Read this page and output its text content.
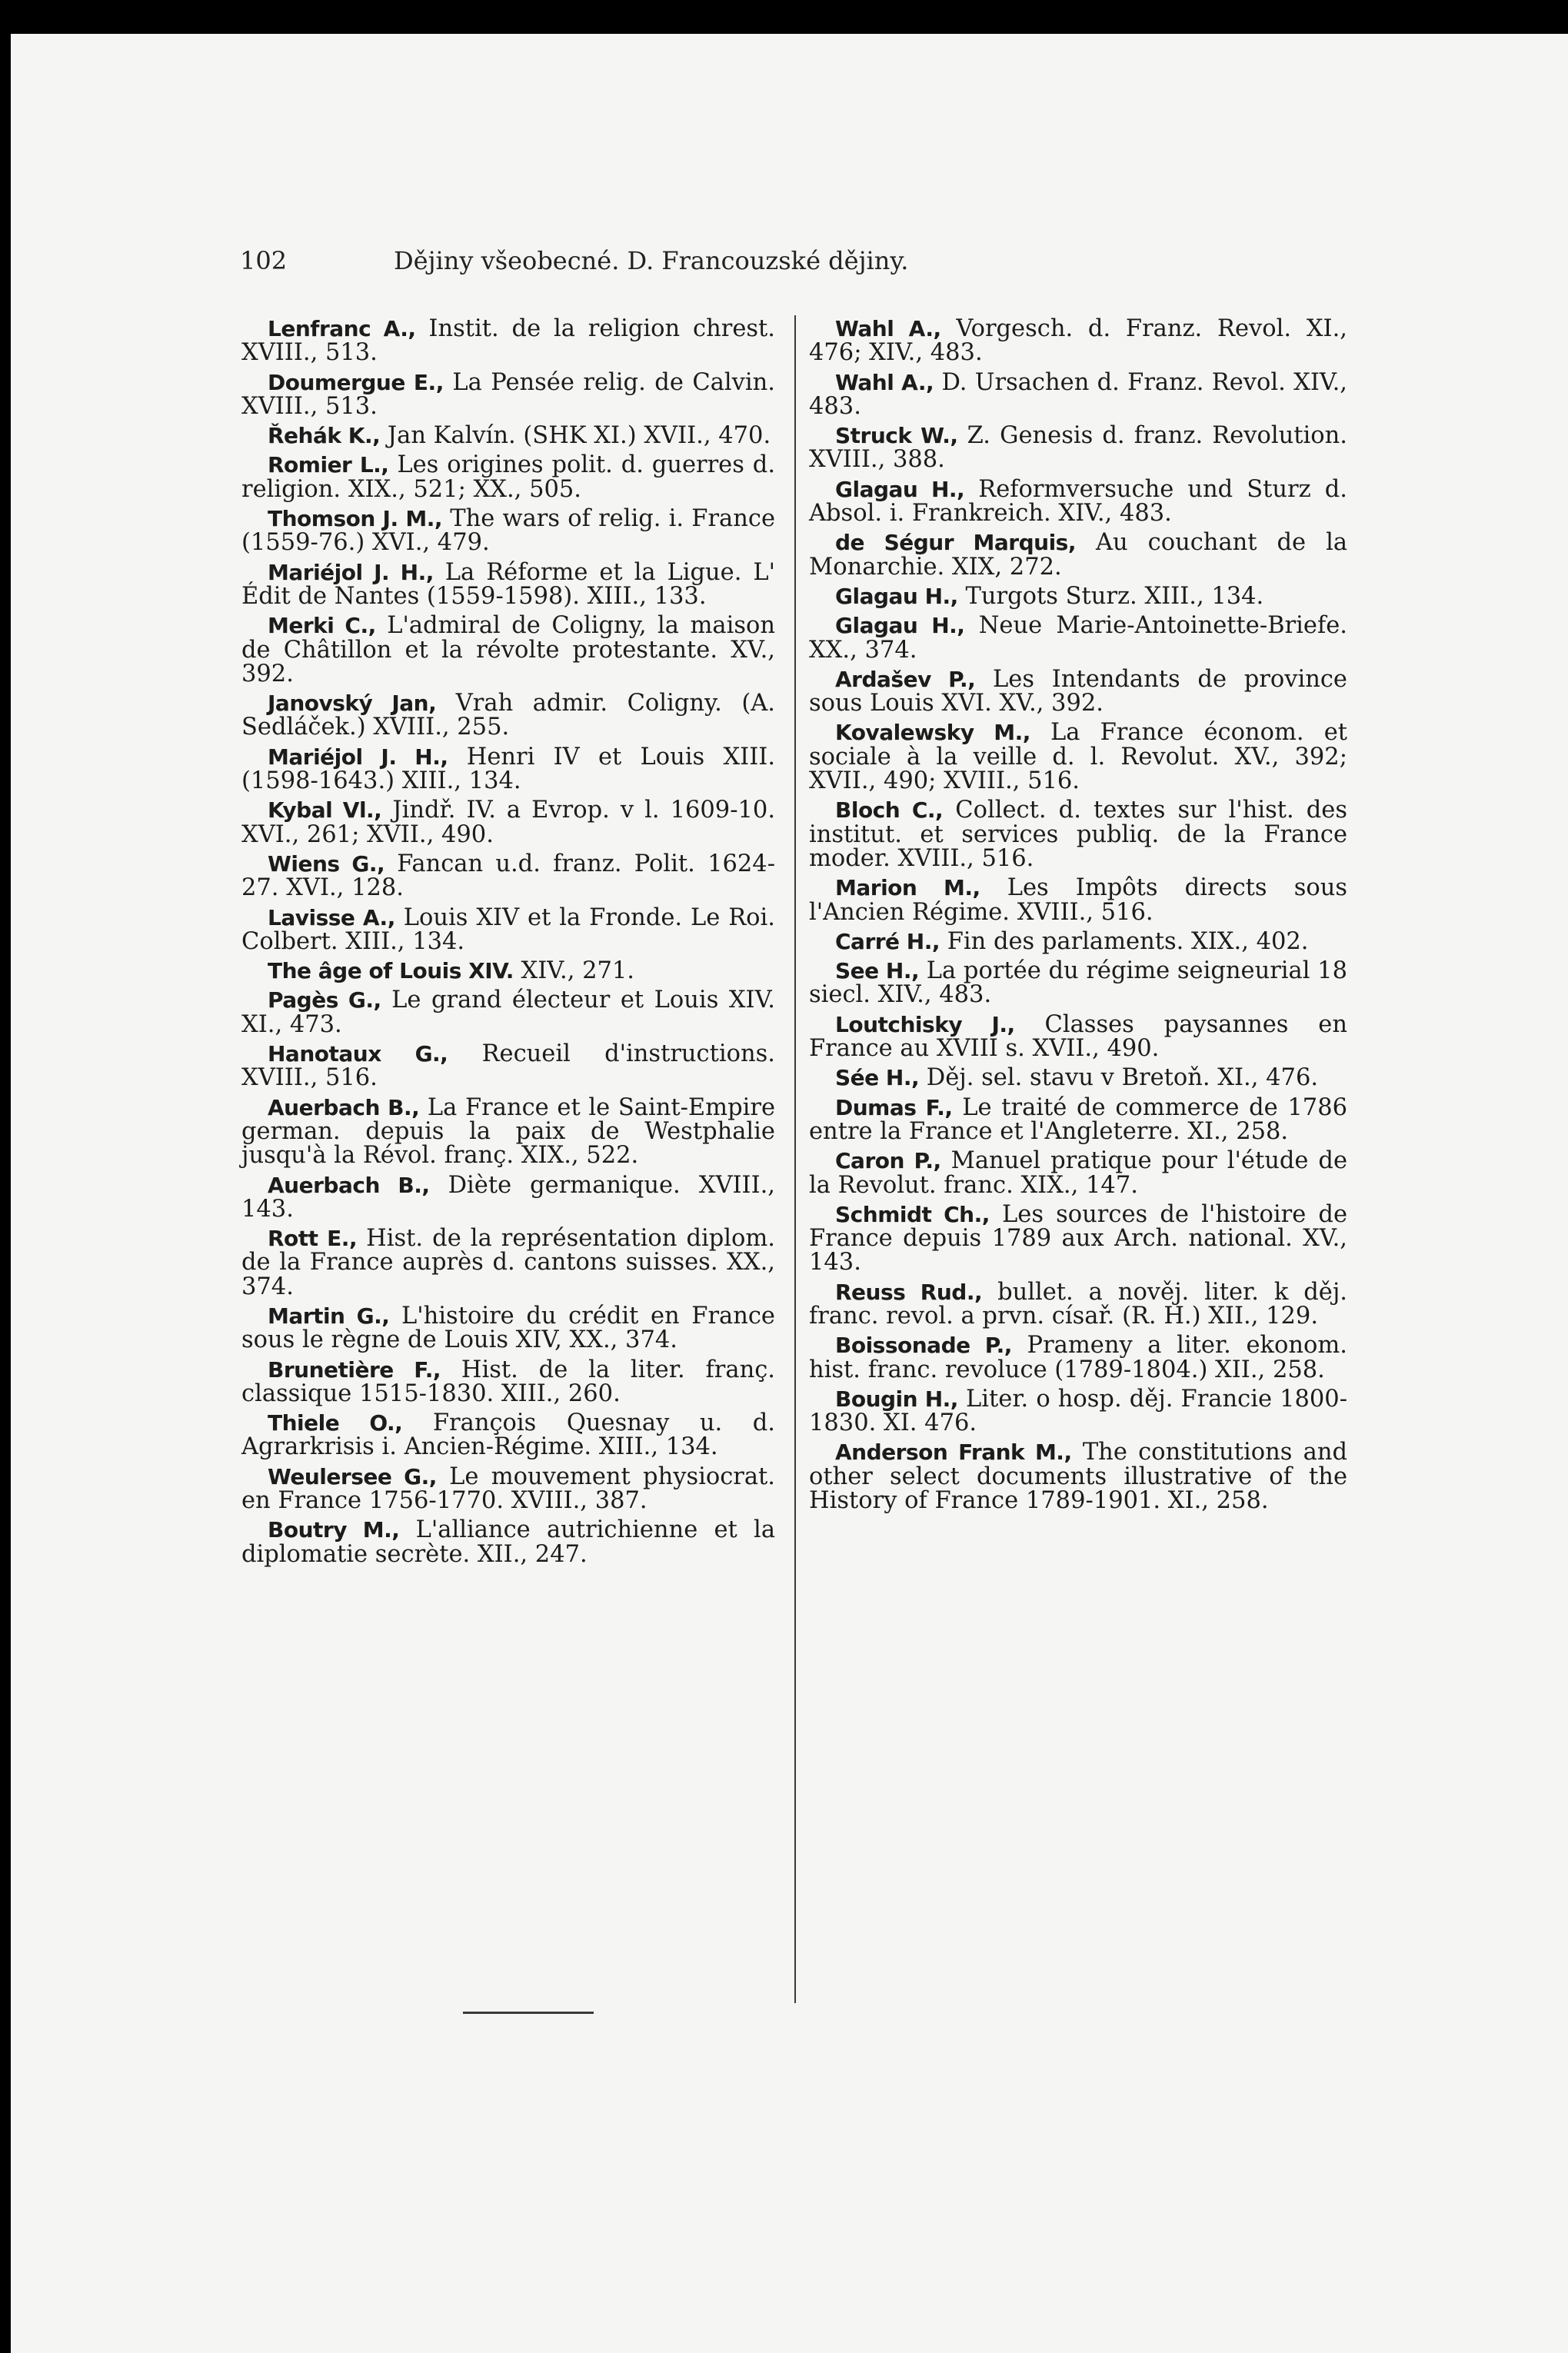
102	Dějiny všeobecné. D. Francouzské dějiny.

Lenfranc A., Instit. de la religion chrest. XVIII., 513.

Doumergue E., La Pensée relig. de Calvin. XVIII., 513.

Řehák K., Jan Kalvín. (SHK XI.) XVII., 470.

Romier L., Les origines polit. d. guerres d. religion. XIX., 521; XX., 505.

Thomson J. M., The wars of relig. i. France (1559-76.) XVI., 479.

Mariéjol J. H., La Réforme et la Ligue. L' Édit de Nantes (1559-1598). XIII., 133.

Merki C., L'admiral de Coligny, la maison de Châtillon et la révolte protestante. XV., 392.

Janovský Jan, Vrah admir. Coligny. (A. Sedláček.) XVIII., 255.

Mariéjol J. H., Henri IV et Louis XIII. (1598-1643.) XIII., 134.

Kybal Vl., Jindř. IV. a Evrop. v l. 1609-10. XVI., 261; XVII., 490.

Wiens G., Fancan u.d. franz. Polit. 1624-27. XVI., 128.

Lavisse A., Louis XIV et la Fronde. Le Roi. Colbert. XIII., 134.

The âge of Louis XIV. XIV., 271.

Pagès G., Le grand électeur et Louis XIV. XI., 473.

Hanotaux G., Recueil d'instructions. XVIII., 516.

Auerbach B., La France et le Saint-Empire german. depuis la paix de Westphalie jusqu'à la Révol. franç. XIX., 522.

Auerbach B., Diète germanique. XVIII., 143.

Rott E., Hist. de la représentation diplom. de la France auprès d. cantons suisses. XX., 374.

Martin G., L'histoire du crédit en France sous le règne de Louis XIV, XX., 374.

Brunetière F., Hist. de la liter. franç. classique 1515-1830. XIII., 260.

Thiele O., François Quesnay u. d. Agrarkrisis i. Ancien-Régime. XIII., 134.

Weulersee G., Le mouvement physiocrat. en France 1756-1770. XVIII., 387.

Boutry M., L'alliance autrichienne et la diplomatie secrète. XII., 247.

Wahl A., Vorgesch. d. Franz. Revol. XI., 476; XIV., 483.

Wahl A., D. Ursachen d. Franz. Revol. XIV., 483.

Struck W., Z. Genesis d. franz. Revolution. XVIII., 388.

Glagau H., Reformversuche und Sturz d. Absol. i. Frankreich. XIV., 483.

de Ségur Marquis, Au couchant de la Monarchie. XIX, 272.

Glagau H., Turgots Sturz. XIII., 134.

Glagau H., Neue Marie-Antoinette-Briefe. XX., 374.

Ardašev P., Les Intendants de province sous Louis XVI. XV., 392.

Kovalewsky M., La France économ. et sociale à la veille d. l. Revolut. XV., 392; XVII., 490; XVIII., 516.

Bloch C., Collect. d. textes sur l'hist. des institut. et services publiq. de la France moder. XVIII., 516.

Marion M., Les Impôts directs sous l'Ancien Régime. XVIII., 516.

Carré H., Fin des parlaments. XIX., 402.

See H., La portée du régime seigneurial 18 siecl. XIV., 483.

Loutchisky J., Classes paysannes en France au XVIII s. XVII., 490.

Sée H., Děj. sel. stavu v Bretoň. XI., 476.

Dumas F., Le traité de commerce de 1786 entre la France et l'Angleterre. XI., 258.

Caron P., Manuel pratique pour l'étude de la Revolut. franc. XIX., 147.

Schmidt Ch., Les sources de l'histoire de France depuis 1789 aux Arch. national. XV., 143.

Reuss Rud., bullet. a nověj. liter. k děj. franc. revol. a prvn. císař. (R. H.) XII., 129.

Boissonade P., Prameny a liter. ekonom. hist. franc. revoluce (1789-1804.) XII., 258.

Bougin H., Liter. o hosp. děj. Francie 1800-1830. XI. 476.

Anderson Frank M., The constitutions and other select documents illustrative of the History of France 1789-1901. XI., 258.
